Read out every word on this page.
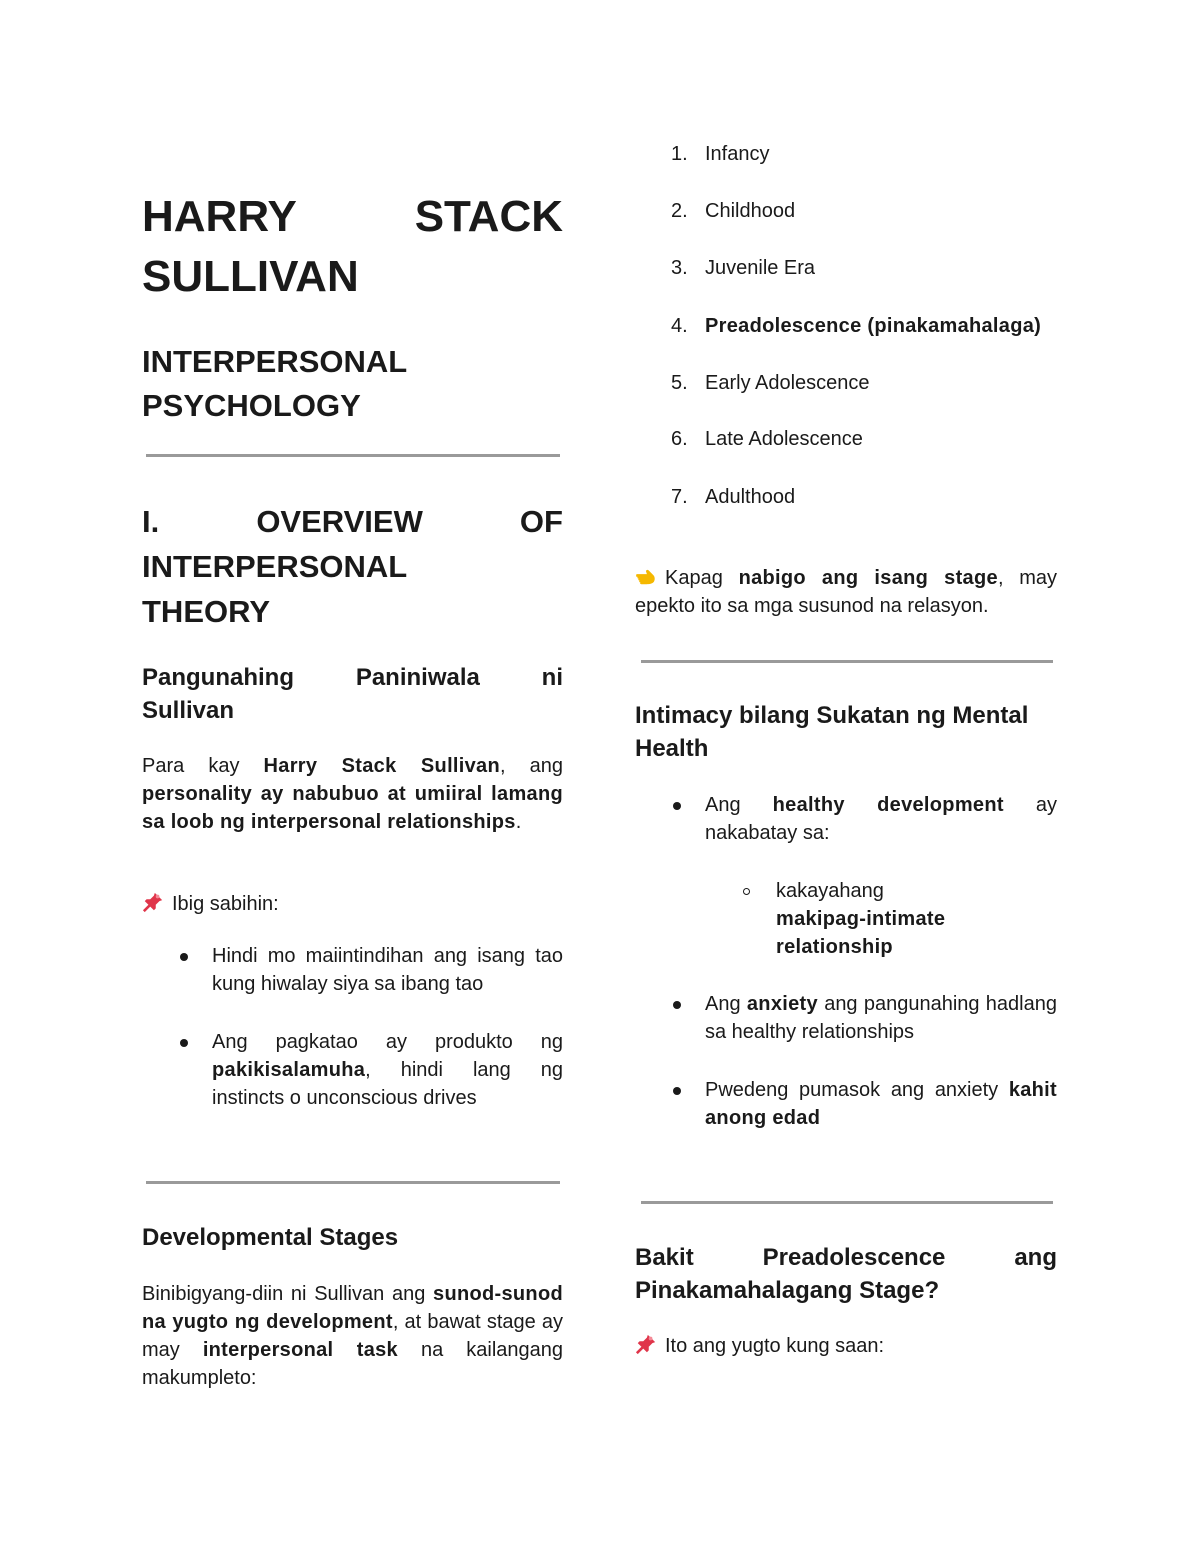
HARRY	STACK
SULLIVAN
INTERPERSONAL
PSYCHOLOGY
I.	OVERVIEW	OF
INTERPERSONAL
THEORY
Pangunahing	Paniniwala	ni
Sullivan

Para kay Harry Stack Sullivan, ang personality ay nabubuo at umiiral lamang sa loob ng interpersonal relationships.

Ibig sabihin:

Hindi mo maiintindihan ang isang tao kung hiwalay siya sa ibang tao
Ang pagkatao ay produkto ng pakikisalamuha, hindi lang ng instincts o unconscious drives
Developmental Stages

Binibigyang-diin ni Sullivan ang sunod-sunod na yugto ng development, at bawat stage ay may interpersonal task na kailangang makumpleto:

1. Infancy
2. Childhood
3. Juvenile Era
4. Preadolescence (pinakamahalaga)
5. Early Adolescence
6. Late Adolescence
7. Adulthood

Kapag nabigo ang isang stage, may epekto ito sa mga susunod na relasyon.

Intimacy bilang Sukatan ng Mental Health
Ang healthy development ay nakabatay sa:
kakayahang makipag-intimate relationship
Ang anxiety ang pangunahing hadlang sa healthy relationships
Pwedeng pumasok ang anxiety kahit anong edad
Bakit Preadolescence ang Pinakamahalagang Stage?

Ito ang yugto kung saan:
